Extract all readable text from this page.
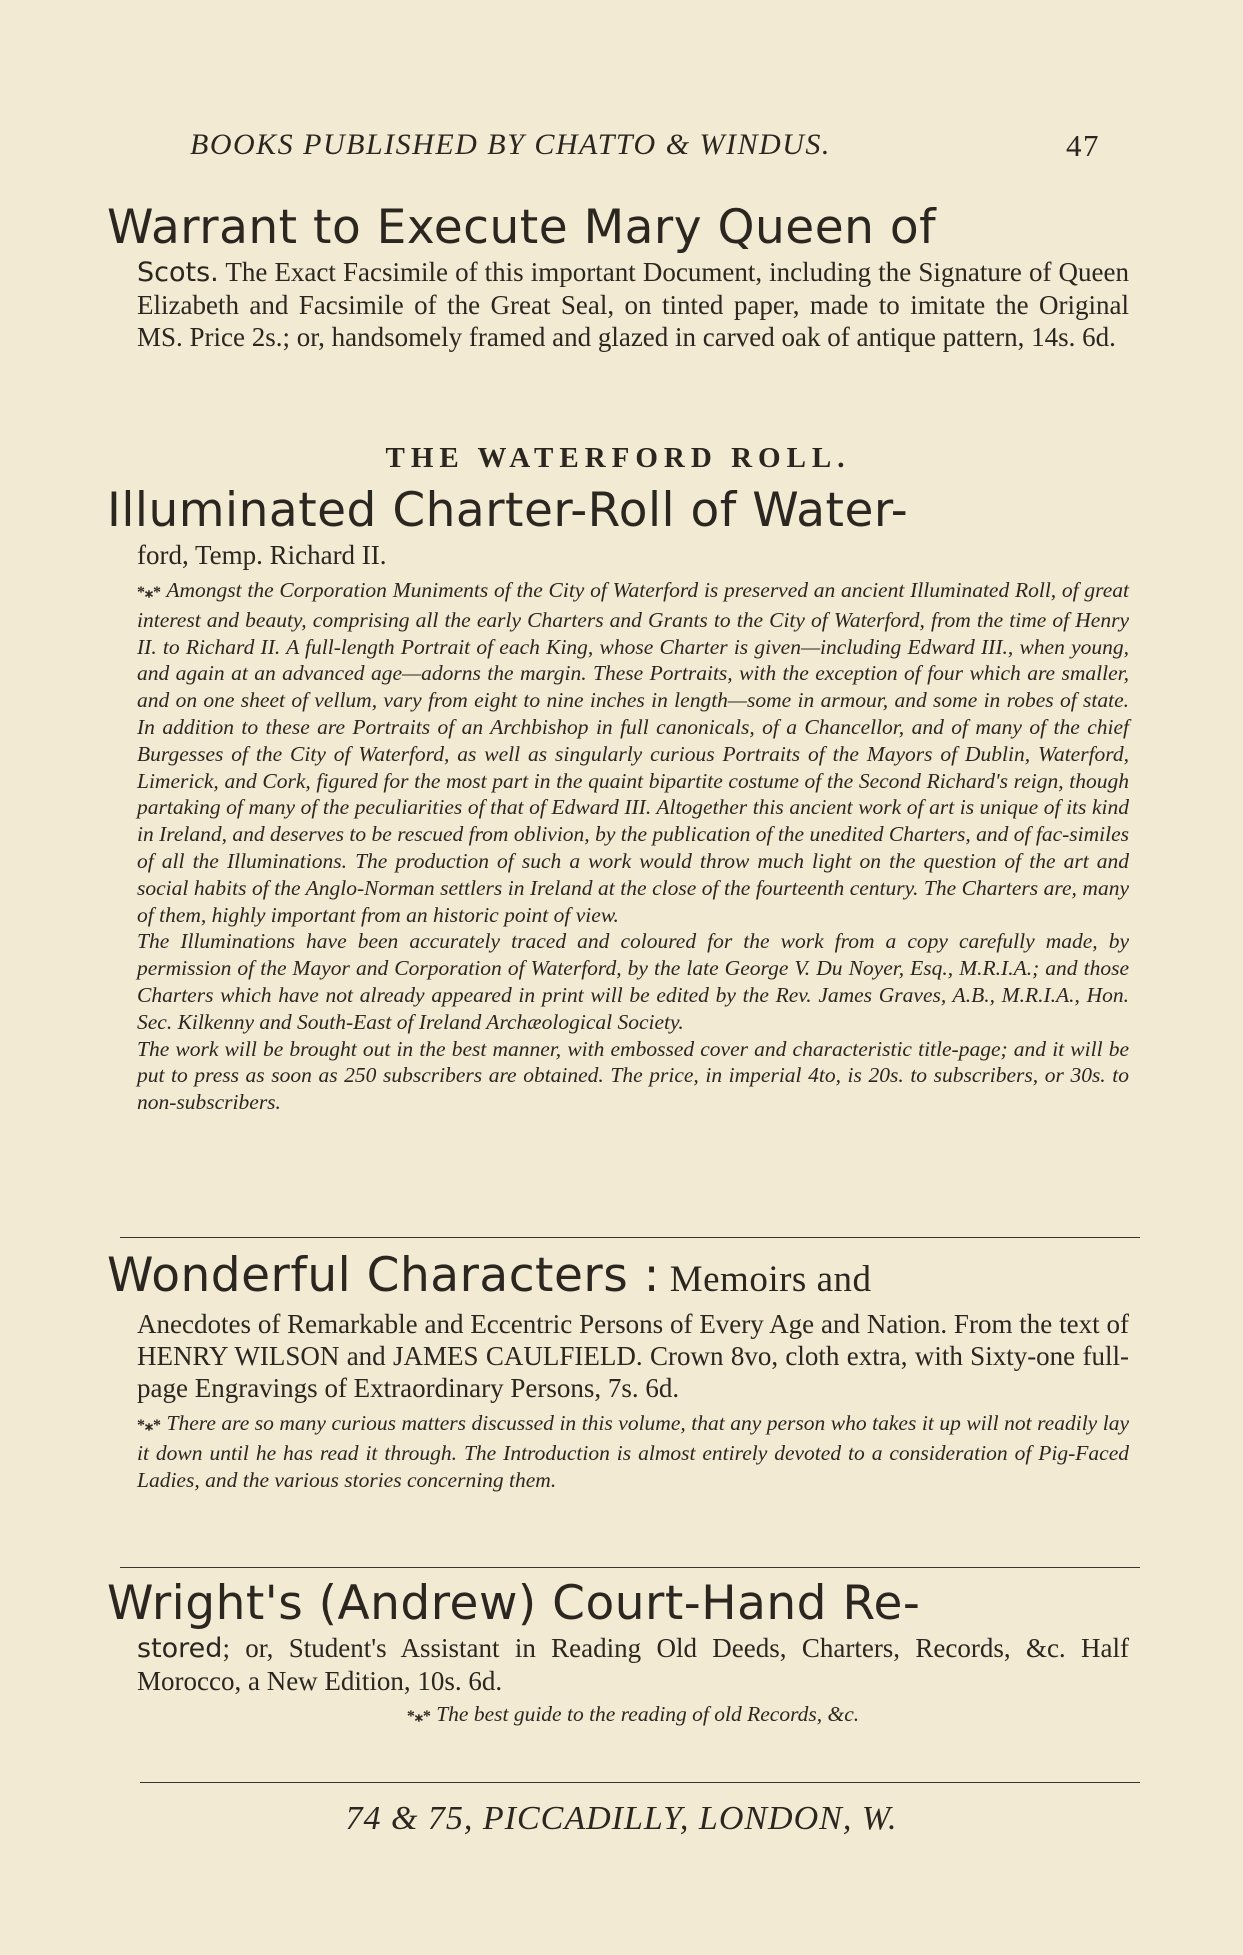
BOOKS PUBLISHED BY CHATTO & WINDUS.	47
Warrant to Execute Mary Queen of
Scots. The Exact Facsimile of this important Document, including the Signature of Queen Elizabeth and Facsimile of the Great Seal, on tinted paper, made to imitate the Original MS. Price 2s.; or, handsomely framed and glazed in carved oak of antique pattern, 14s. 6d.

THE WATERFORD ROLL.

Illuminated Charter-Roll of Water-
ford, Temp. Richard II.

*⁎* Amongst the Corporation Muniments of the City of Waterford is preserved an ancient Illuminated Roll, of great interest and beauty, comprising all the early Charters and Grants to the City of Waterford, from the time of Henry II. to Richard II. A full-length Portrait of each King, whose Charter is given—including Edward III., when young, and again at an advanced age—adorns the margin. These Portraits, with the exception of four which are smaller, and on one sheet of vellum, vary from eight to nine inches in length—some in armour, and some in robes of state. In addition to these are Portraits of an Archbishop in full canonicals, of a Chancellor, and of many of the chief Burgesses of the City of Waterford, as well as singularly curious Portraits of the Mayors of Dublin, Waterford, Limerick, and Cork, figured for the most part in the quaint bipartite costume of the Second Richard's reign, though partaking of many of the peculiarities of that of Edward III. Altogether this ancient work of art is unique of its kind in Ireland, and deserves to be rescued from oblivion, by the publication of the unedited Charters, and of fac-similes of all the Illuminations. The production of such a work would throw much light on the question of the art and social habits of the Anglo-Norman settlers in Ireland at the close of the fourteenth century. The Charters are, many of them, highly important from an historic point of view.

The Illuminations have been accurately traced and coloured for the work from a copy carefully made, by permission of the Mayor and Corporation of Waterford, by the late George V. Du Noyer, Esq., M.R.I.A.; and those Charters which have not already appeared in print will be edited by the Rev. James Graves, A.B., M.R.I.A., Hon. Sec. Kilkenny and South-East of Ireland Archæological Society.

The work will be brought out in the best manner, with embossed cover and characteristic title-page; and it will be put to press as soon as 250 subscribers are obtained. The price, in imperial 4to, is 20s. to subscribers, or 30s. to non-subscribers.

Wonderful Characters : Memoirs and
Anecdotes of Remarkable and Eccentric Persons of Every Age and Nation. From the text of HENRY WILSON and JAMES CAULFIELD. Crown 8vo, cloth extra, with Sixty-one full-page Engravings of Extraordinary Persons, 7s. 6d.

*⁎* There are so many curious matters discussed in this volume, that any person who takes it up will not readily lay it down until he has read it through. The Introduction is almost entirely devoted to a consideration of Pig-Faced Ladies, and the various stories concerning them.

Wright's (Andrew) Court-Hand Re-
stored; or, Student's Assistant in Reading Old Deeds, Charters, Records, &c. Half Morocco, a New Edition, 10s. 6d.

*⁎* The best guide to the reading of old Records, &c.

74 & 75, PICCADILLY, LONDON, W.
